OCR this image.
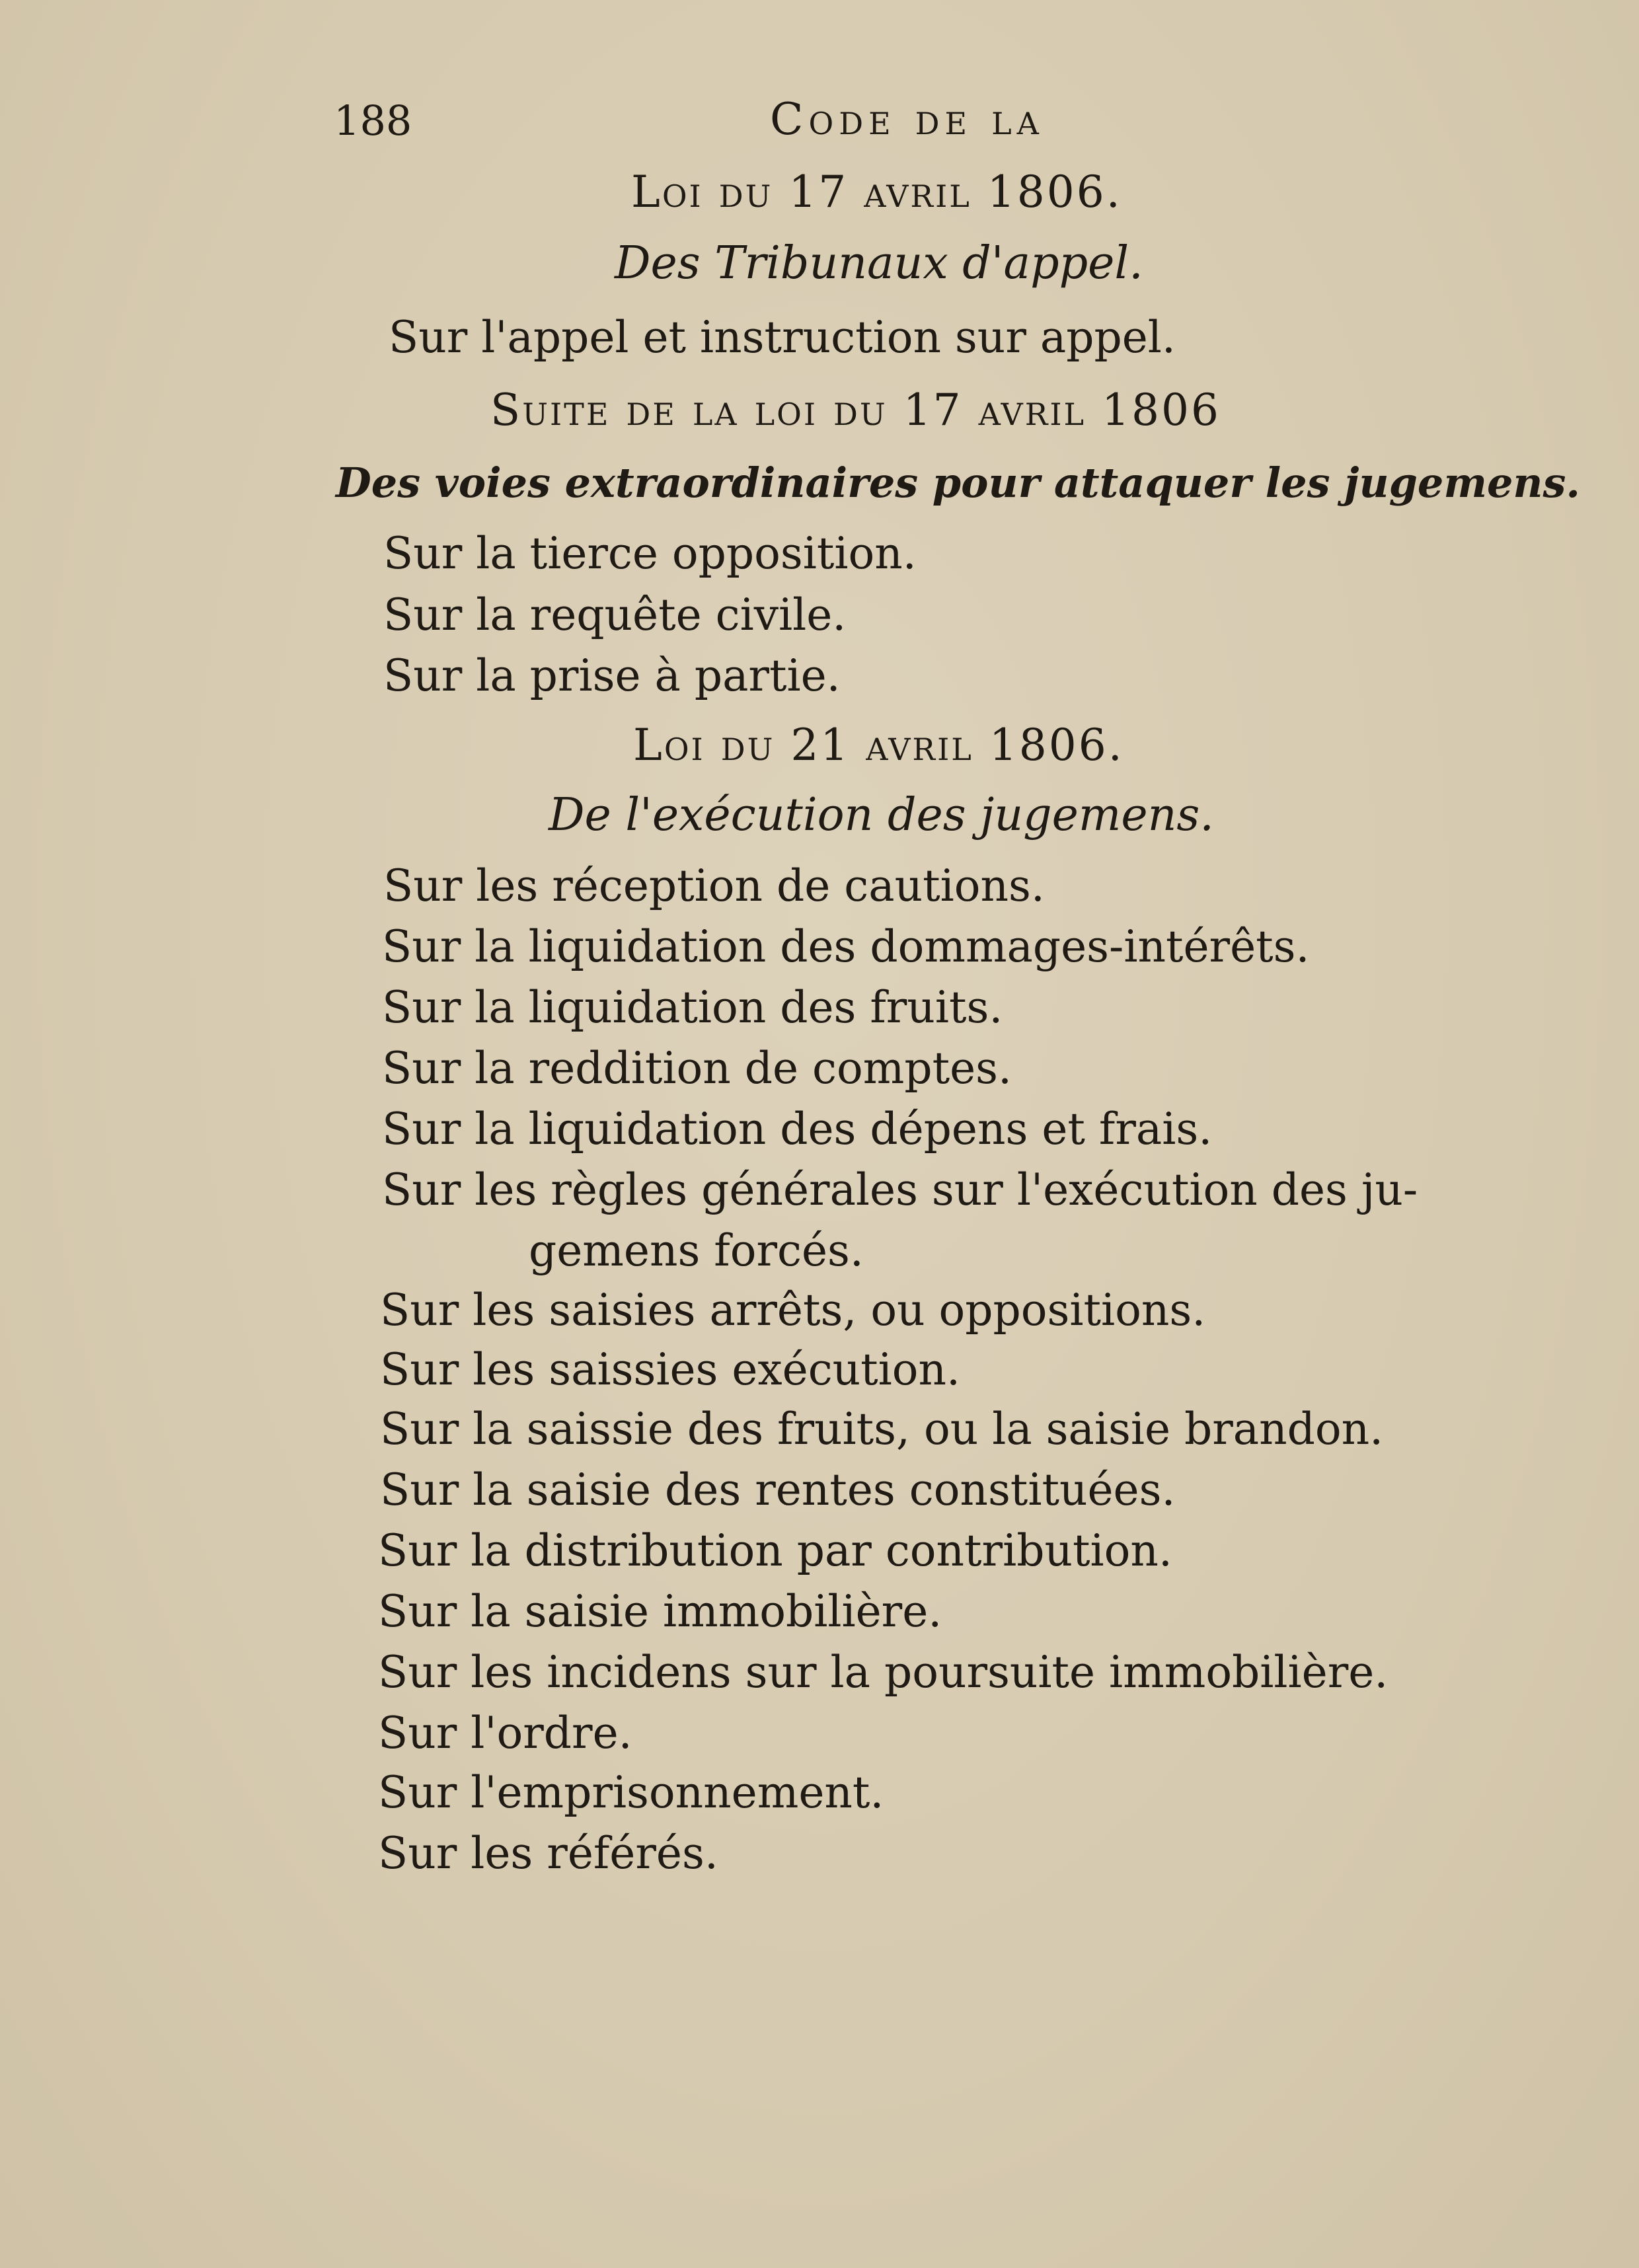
188	Code de la
Loi du 17 avril 1806.
Des Tribunaux d'appel.
Sur l'appel et instruction sur appel.
Suite de la loi du 17 avril 1806
Des voies extraordinaires pour attaquer les jugemens.
Sur la tierce opposition.
Sur la requête civile.
Sur la prise à partie.
Loi du 21 avril 1806.
De l'exécution des jugemens.
Sur les réception de cautions.
Sur la liquidation des dommages-intérêts.
Sur la liquidation des fruits.
Sur la reddition de comptes.
Sur la liquidation des dépens et frais.
Sur les règles générales sur l'exécution des ju-
gemens forcés.
Sur les saisies arrêts, ou oppositions.
Sur les saissies exécution.
Sur la saissie des fruits, ou la saisie brandon.
Sur la saisie des rentes constituées.
Sur la distribution par contribution.
Sur la saisie immobilière.
Sur les incidens sur la poursuite immobilière.
Sur l'ordre.
Sur l'emprisonnement.
Sur les référés.
